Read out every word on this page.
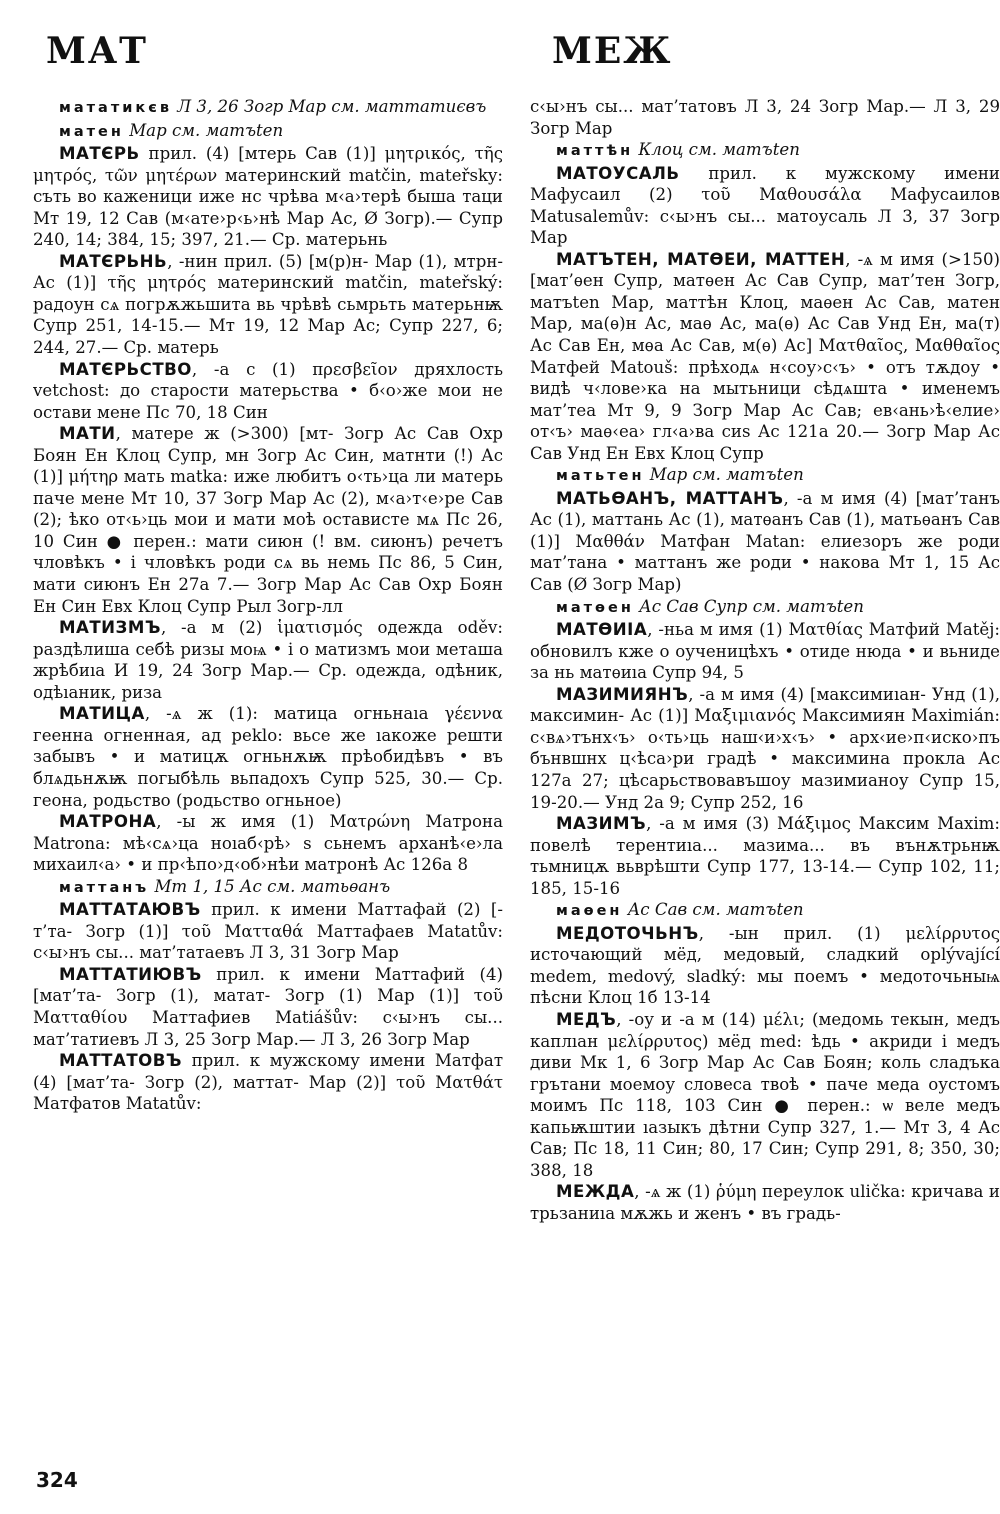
МАТ	МЕЖ

мататикєв Л 3, 26 Зогр Мар см. маттатиєвъ

матен Мар см. матъten

МАТЄРЬ прил. (4) [мтерь Сав (1)] μητρικός, τῆς μητρός, τῶν μητέρων материнский matčin, mateřsky: съть во каженици иже нс чрѣва м‹а›терѣ быша таци Мт 19, 12 Сав (м‹ате›р‹ь›нѣ Мар Ас, Ø Зогр).— Супр 240, 14; 384, 15; 397, 21.— Ср. матерьнь

МАТЄРЬНЬ, -нин прил. (5) [м(р)н- Мар (1), мтрн- Ас (1)] τῆς μητρός материнский matčin, mateřský: радоун сѧ погрѫжьшита вь чрѣвѣ сьмрьть матерьнѭ Супр 251, 14-15.— Мт 19, 12 Мар Ас; Супр 227, 6; 244, 27.— Ср. матерь

МАТЄРЬСТВО, -а с (1) πρεσβεῖον дряхлость vetchost: до старости матерьства • б‹о›же мои не остави мене Пс 70, 18 Син

МАТИ, матере ж (>300) [мт- Зогр Ас Сав Охр Боян Ен Клоц Супр, мн Зогр Ас Син, матнти (!) Ас (1)] μήτηρ мать matka: иже любитъ о‹ть›ца ли матерь паче мене Мт 10, 37 Зогр Мар Ас (2), м‹а›т‹е›ре Сав (2); ѣко от‹ь›ць мои и мати моѣ остависте мѧ Пс 26, 10 Син ● перен.: мати сиюн (! вм. сиюнъ) речетъ чловѣкъ • і чловѣкъ роди сѧ вь немь Пс 86, 5 Син, мати сиюнъ Ен 27а 7.— Зогр Мар Ас Сав Охр Боян Ен Син Евх Клоц Супр Рыл Зогр-лл

МАТИЗМЪ, -а м (2) ἱματισμός одежда oděv: раздѣлиша себѣ ризы моѩ • і о матизмъ мои меташа жрѣбиıа И 19, 24 Зогр Мар.— Ср. одежда, одѣник, одѣıаник, риза

МАТИЦА, -ѧ ж (1): матица огньнаıа γέεννα геенна огненная, ад peklo: вьсе же ıакоже решти забывъ • и матицѫ огньнѫѭ прѣобидѣвъ • въ блѧдьнѫѭ погыбѣль вьпадохъ Супр 525, 30.— Ср. геона, родьство (родьство огньное)

МАТРОНА, -ы ж имя (1) Ματρώνη Матрона Matrona: мѣ‹сѧ›ца ноıаб‹рѣ› ѕ сьнемъ арханѣ‹е›ла михаил‹а› • и пр‹ѣпо›д‹об›нѣи матронѣ Ас 126а 8

маттанъ Мт 1, 15 Ас см. матьѳанъ

МАТТАТАЮВЪ прил. к имени Маттафай (2) [-т’та- Зогр (1)] τοῦ Ματταθά Маттафаев Matatův: с‹ы›нъ сы... мат’татаевъ Л 3, 31 Зогр Мар

МАТТАТИЮВЪ прил. к имени Маттафий (4) [мат’та- Зогр (1), матат- Зогр (1) Мар (1)] τοῦ Ματταθίου Маттафиев Matiášův: с‹ы›нъ сы... мат’татиевъ Л 3, 25 Зогр Мар.— Л 3, 26 Зогр Мар

МАТТАТОВЪ прил. к мужскому имени Матфат (4) [мат’та- Зогр (2), маттат- Мар (2)] τοῦ Ματθάτ Матфатов Matatův:

с‹ы›нъ сы... мат’татовъ Л 3, 24 Зогр Мар.— Л 3, 29 Зогр Мар

маттѣн Клоц см. матъten

МАТОУСАЛЬ прил. к мужскому имени Мафусаил (2) τοῦ Μαθουσάλα Мафусаилов Matusalemův: с‹ы›нъ сы... матоусаль Л 3, 37 Зогр Мар

МАТЪТЕН, МАТѲЕИ, МАТТЕН, -ѧ м имя (>150) [мат’ѳен Супр, матѳен Ас Сав Супр, мат’тен Зогр, матъten Мар, маттѣн Клоц, маѳен Ас Сав, матен Мар, ма(ѳ)н Ас, маѳ Ас, ма(ѳ) Ас Сав Унд Ен, ма(т) Ас Сав Ен, мѳа Ас Сав, м(ѳ) Ас] Ματθαῖος, Μαθθαῖος Матфей Matouš: прѣходѧ н‹соу›с‹ъ› • отъ тѫдоу • видѣ ч‹лове›ка на мытьници сѣдѧшта • именемъ мат’теа Мт 9, 9 Зогр Мар Ас Сав; ев‹ань›ѣ‹елие› от‹ъ› маѳ‹еа› гл‹а›ва сиѕ Ас 121а 20.— Зогр Мар Ас Сав Унд Ен Евх Клоц Супр

матьтен Мар см. матъten

МАТЬѲАНЪ, МАТТАНЪ, -а м имя (4) [мат’танъ Ас (1), маттань Ас (1), матѳанъ Сав (1), матьѳанъ Сав (1)] Μαθθάν Матфан Matan: елиезоръ же роди мат’тана • маттанъ же роди • накова Мт 1, 15 Ас Сав (Ø Зогр Мар)

матѳен Ас Сав Супр см. матъten

МАТѲИIА, -ньа м имя (1) Ματθίας Матфий Matěj: обновилъ кже о оученицѣхъ • отиде нюда • и вьниде за нь матѳиıа Супр 94, 5

МАЗИМИЯНЪ, -а м имя (4) [максимиıан- Унд (1), максимин- Ас (1)] Μαξιμιανός Максимиян Maximián: с‹вѧ›тънх‹ъ› о‹ть›ць наш‹и›х‹ъ› • арх‹ие›п‹иско›пъ бънвшнх ц‹ѣса›ри градѣ • максимина прокла Ас 127а 27; цѣсарьствовавъшоу мазимианоу Супр 15, 19-20.— Унд 2а 9; Супр 252, 16

МАЗИМЪ, -а м имя (3) Μάξιμος Максим Maxim: повелѣ терентиıа... мазима... въ вънѫтрьнѭ тьмницѫ вьврѣшти Супр 177, 13-14.— Супр 102, 11; 185, 15-16

маѳен Ас Сав см. матъten

МЕДОТОЧЬНЪ, -ын прил. (1) μελίρρυτος источающий мёд, медовый, сладкий oplývající medem, medový, sladký: мы поемъ • медоточьныѩ пѣсни Клоц 1б 13-14

МЕДЪ, -оу и -а м (14) μέλι; (медомь текын, медъ каплıан μελίρρυτος) мёд med: ѣдь • акриди і медъ диви Мк 1, 6 Зогр Мар Ас Сав Боян; коль сладъка грътани моемоу словеса твоѣ • паче меда оустомъ моимъ Пс 118, 103 Син ● перен.: ѡ веле медъ капьѭштии ıазыкъ дѣтни Супр 327, 1.— Мт 3, 4 Ас Сав; Пс 18, 11 Син; 80, 17 Син; Супр 291, 8; 350, 30; 388, 18

МЕЖДА, -ѧ ж (1) ῥύμη переулок ulička: кричава и трьзаниıа мѫжь и женъ • въ градь-

324
